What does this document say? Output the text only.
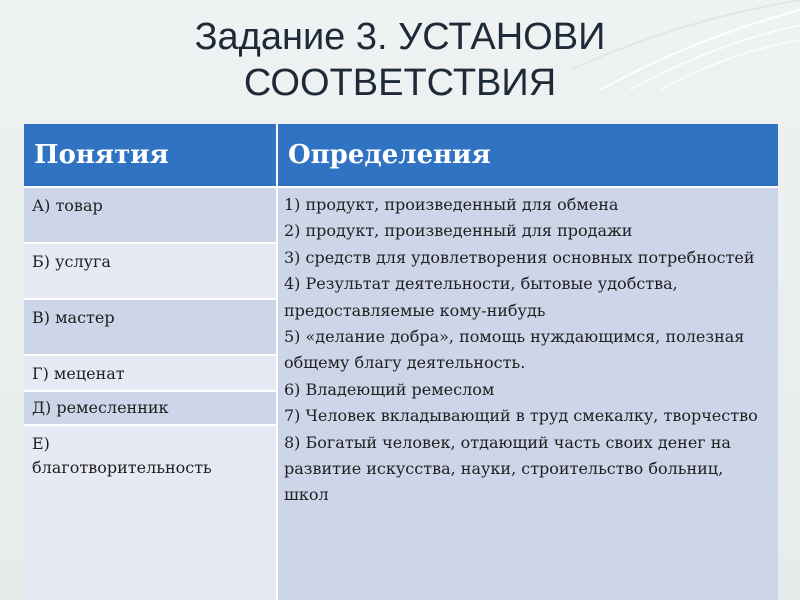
Задание 3. УСТАНОВИ
СООТВЕТСТВИЯ
Понятия	Определения
А) товар
Б) услуга
В) мастер
Г) меценат
Д) ремесленник
Е) благотворительность
1) продукт, произведенный для обмена
2) продукт, произведенный для продажи
3) средств для удовлетворения основных потребностей
4) Результат деятельности, бытовые удобства, предоставляемые кому-нибудь
5) «делание добра», помощь нуждающимся, полезная общему благу деятельность.
6) Владеющий ремеслом
7) Человек вкладывающий в труд смекалку, творчество
8) Богатый человек, отдающий часть своих денег на развитие искусства, науки, строительство больниц, школ
